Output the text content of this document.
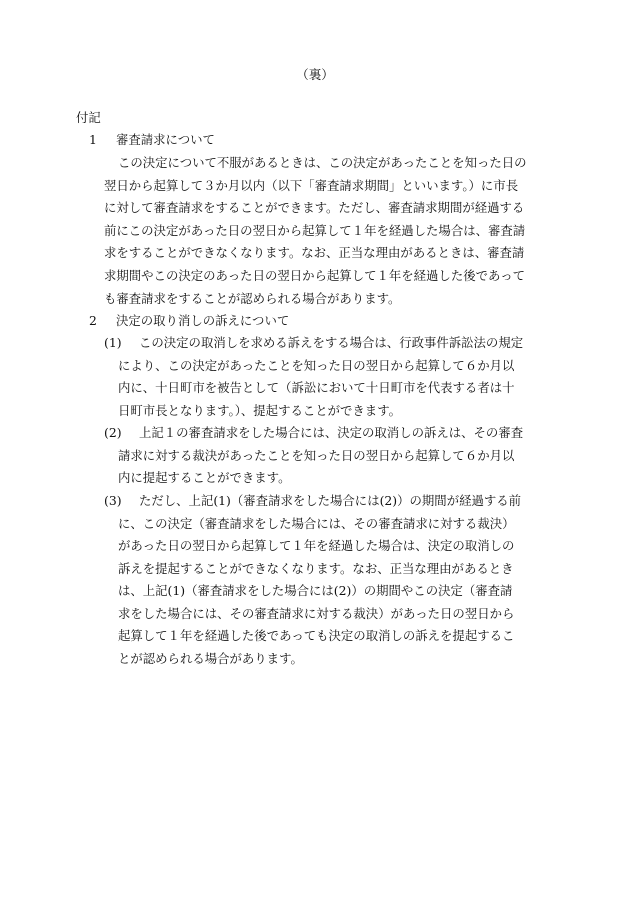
（裏）
付記
1 審査請求について
この決定について不服があるときは、この決定があったことを知った日の
翌日から起算して３か月以内（以下「審査請求期間」といいます。）に市長
に対して審査請求をすることができます。ただし、審査請求期間が経過する
前にこの決定があった日の翌日から起算して１年を経過した場合は、審査請
求をすることができなくなります。なお、正当な理由があるときは、審査請
求期間やこの決定のあった日の翌日から起算して１年を経過した後であって
も審査請求をすることが認められる場合があります。
2 決定の取り消しの訴えについて
(1) この決定の取消しを求める訴えをする場合は、行政事件訴訟法の規定
により、この決定があったことを知った日の翌日から起算して６か月以
内に、十日町市を被告として（訴訟において十日町市を代表する者は十
日町市長となります。）、提起することができます。
(2) 上記１の審査請求をした場合には、決定の取消しの訴えは、その審査
請求に対する裁決があったことを知った日の翌日から起算して６か月以
内に提起することができます。
(3) ただし、上記(1)（審査請求をした場合には(2)）の期間が経過する前
に、この決定（審査請求をした場合には、その審査請求に対する裁決）
があった日の翌日から起算して１年を経過した場合は、決定の取消しの
訴えを提起することができなくなります。なお、正当な理由があるとき
は、上記(1)（審査請求をした場合には(2)）の期間やこの決定（審査請
求をした場合には、その審査請求に対する裁決）があった日の翌日から
起算して１年を経過した後であっても決定の取消しの訴えを提起するこ
とが認められる場合があります。
